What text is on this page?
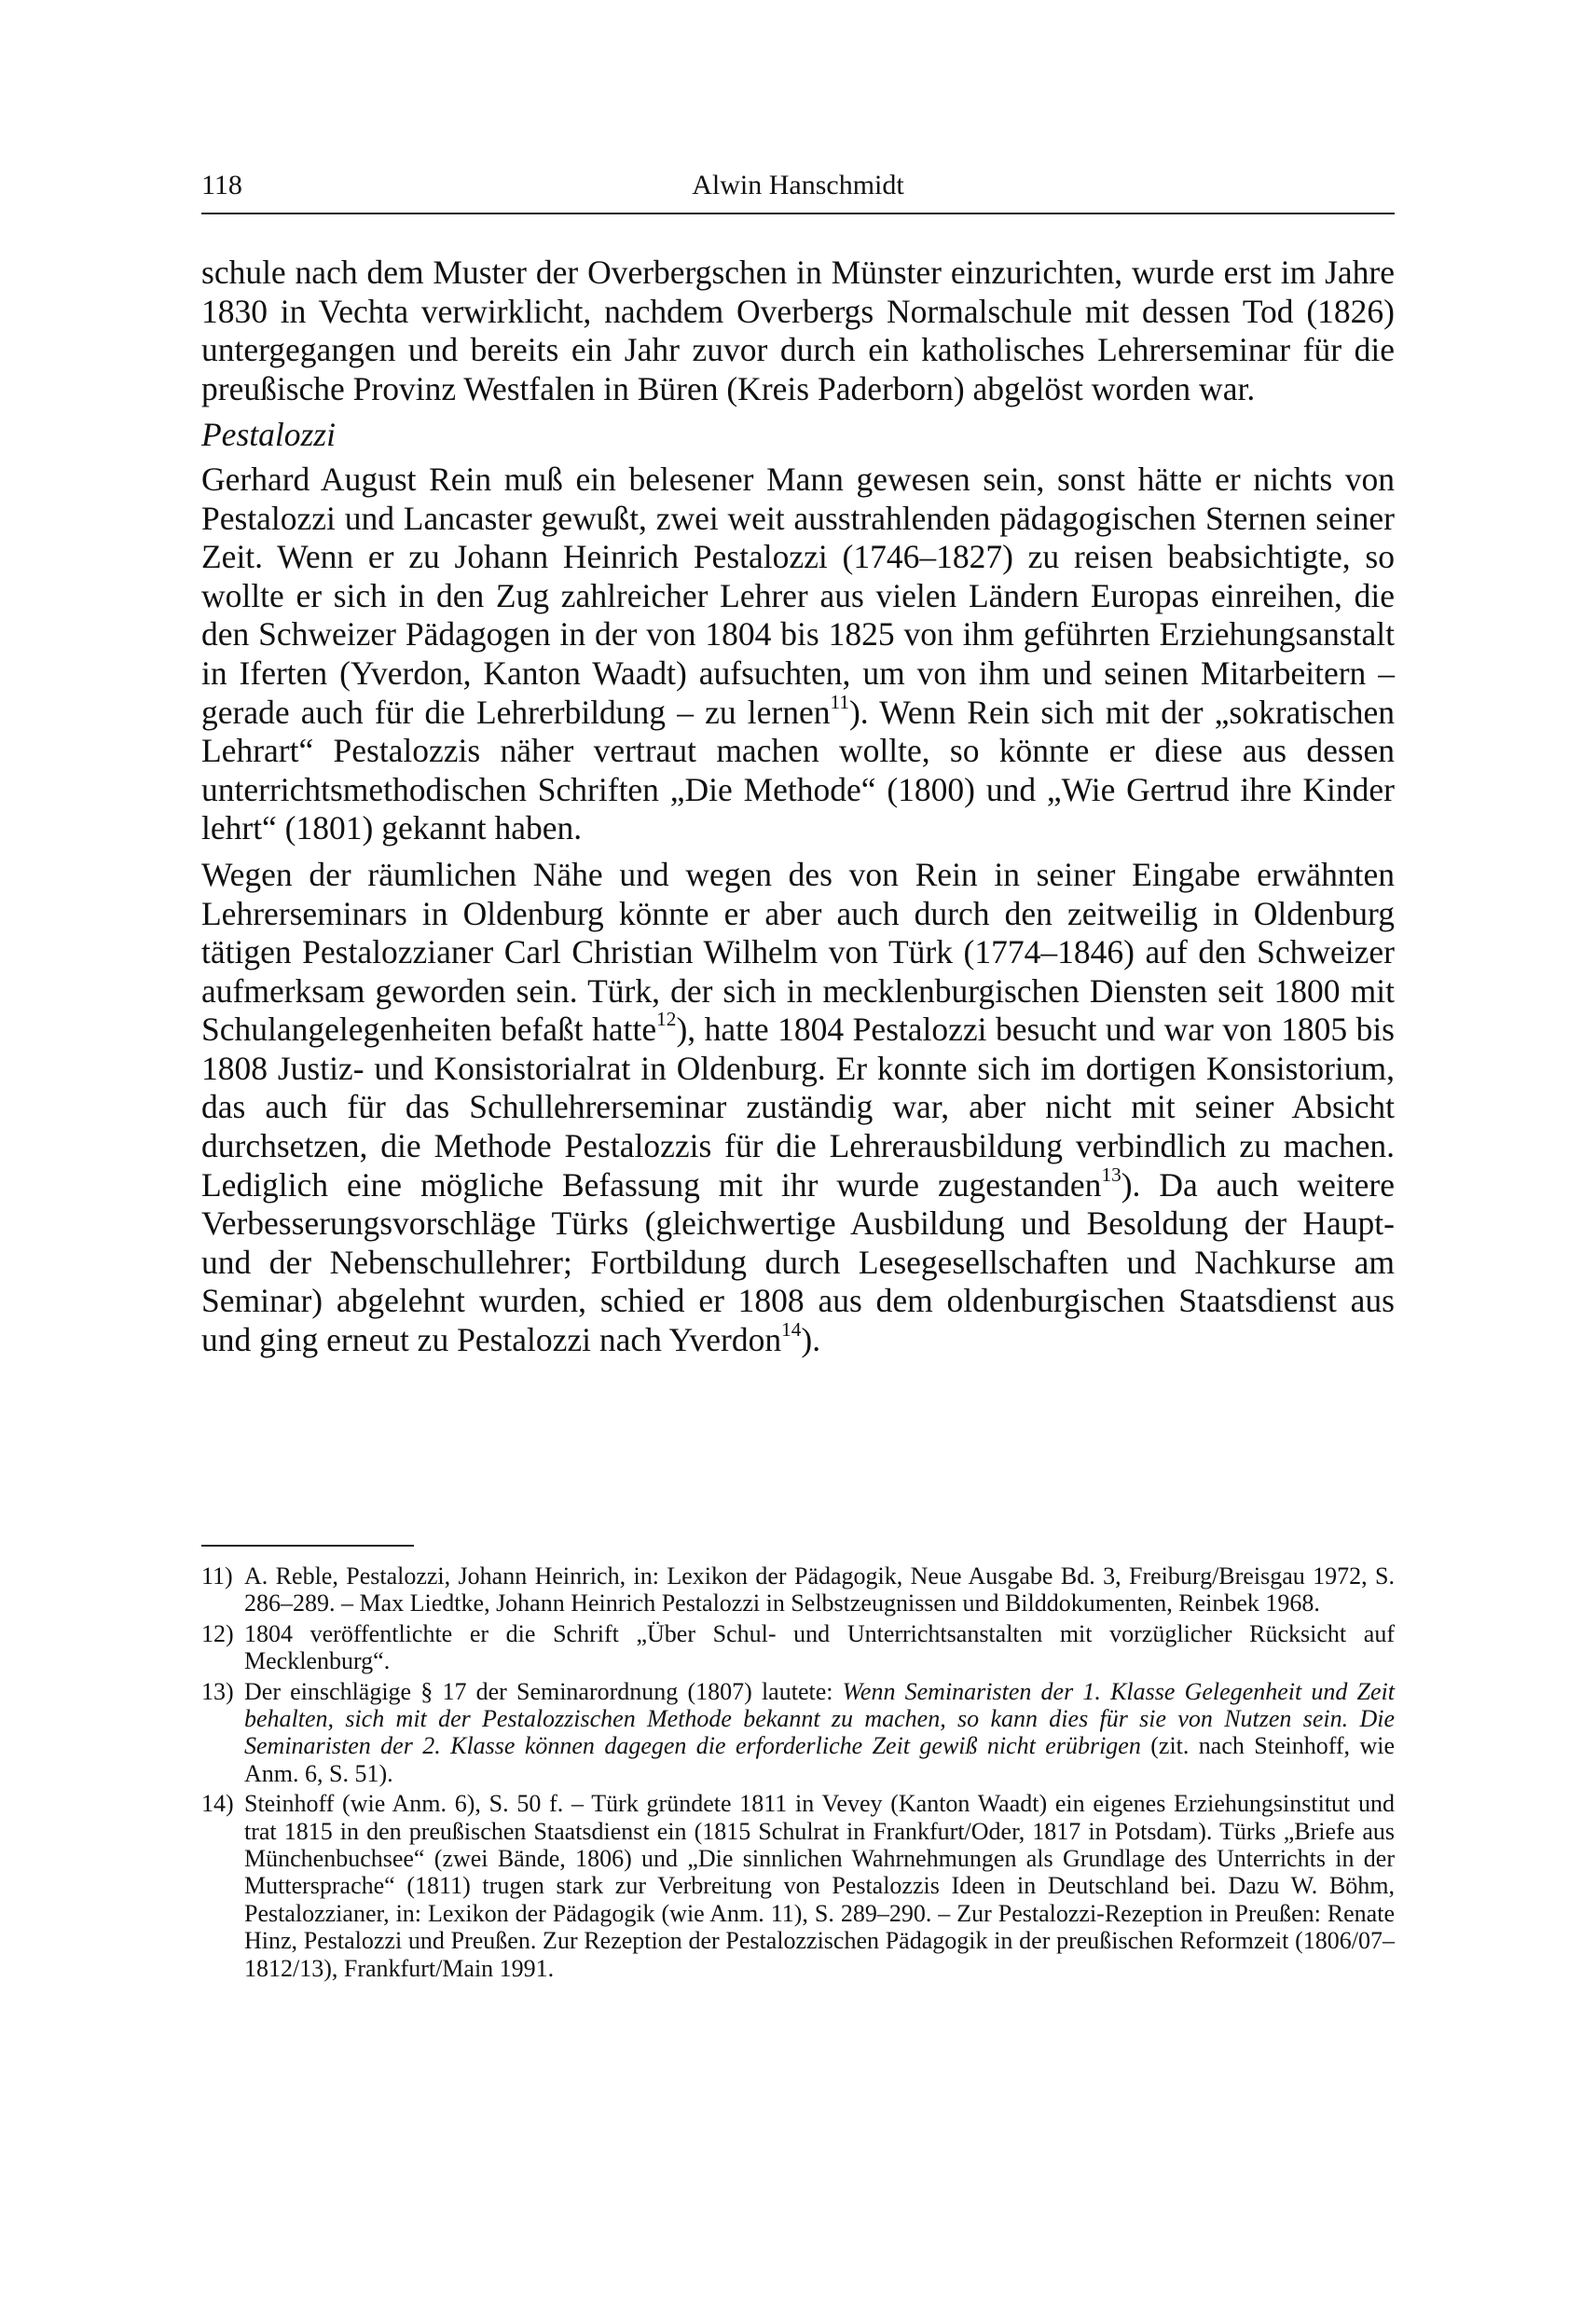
118	Alwin Hanschmidt

schule nach dem Muster der Overbergschen in Münster einzurichten, wurde erst im Jahre 1830 in Vechta verwirklicht, nachdem Overbergs Normalschule mit dessen Tod (1826) untergegangen und bereits ein Jahr zuvor durch ein katholisches Lehrerseminar für die preußische Provinz Westfalen in Büren (Kreis Paderborn) abgelöst worden war.

Pestalozzi

Gerhard August Rein muß ein belesener Mann gewesen sein, sonst hätte er nichts von Pestalozzi und Lancaster gewußt, zwei weit ausstrahlenden pädagogischen Sternen seiner Zeit. Wenn er zu Johann Heinrich Pestalozzi (1746–1827) zu reisen beabsichtigte, so wollte er sich in den Zug zahlreicher Lehrer aus vielen Ländern Europas einreihen, die den Schweizer Pädagogen in der von 1804 bis 1825 von ihm geführten Erziehungsanstalt in Iferten (Yverdon, Kanton Waadt) aufsuchten, um von ihm und seinen Mitarbeitern – gerade auch für die Lehrerbildung – zu lernen$^{11}$). Wenn Rein sich mit der „sokratischen Lehrart“ Pestalozzis näher vertraut machen wollte, so könnte er diese aus dessen unterrichtsmethodischen Schriften „Die Methode“ (1800) und „Wie Gertrud ihre Kinder lehrt“ (1801) gekannt haben.

Wegen der räumlichen Nähe und wegen des von Rein in seiner Eingabe erwähnten Lehrerseminars in Oldenburg könnte er aber auch durch den zeitweilig in Oldenburg tätigen Pestalozzianer Carl Christian Wilhelm von Türk (1774–1846) auf den Schweizer aufmerksam geworden sein. Türk, der sich in mecklenburgischen Diensten seit 1800 mit Schulangelegenheiten befaßt hatte$^{12}$), hatte 1804 Pestalozzi besucht und war von 1805 bis 1808 Justiz- und Konsistorialrat in Oldenburg. Er konnte sich im dortigen Konsistorium, das auch für das Schullehrerseminar zuständig war, aber nicht mit seiner Absicht durchsetzen, die Methode Pestalozzis für die Lehrerausbildung verbindlich zu machen. Lediglich eine mögliche Befassung mit ihr wurde zugestanden$^{13}$). Da auch weitere Verbesserungsvorschläge Türks (gleichwertige Ausbildung und Besoldung der Haupt- und der Nebenschullehrer; Fortbildung durch Lesegesellschaften und Nachkurse am Seminar) abgelehnt wurden, schied er 1808 aus dem oldenburgischen Staatsdienst aus und ging erneut zu Pestalozzi nach Yverdon$^{14}$).

11) A. Reble, Pestalozzi, Johann Heinrich, in: Lexikon der Pädagogik, Neue Ausgabe Bd. 3, Freiburg/Breisgau 1972, S. 286–289. – Max Liedtke, Johann Heinrich Pestalozzi in Selbstzeugnissen und Bilddokumenten, Reinbek 1968.
12) 1804 veröffentlichte er die Schrift „Über Schul- und Unterrichtsanstalten mit vorzüglicher Rücksicht auf Mecklenburg“.
13) Der einschlägige § 17 der Seminarordnung (1807) lautete: Wenn Seminaristen der 1. Klasse Gelegenheit und Zeit behalten, sich mit der Pestalozzischen Methode bekannt zu machen, so kann dies für sie von Nutzen sein. Die Seminaristen der 2. Klasse können dagegen die erforderliche Zeit gewiß nicht erübrigen (zit. nach Steinhoff, wie Anm. 6, S. 51).
14) Steinhoff (wie Anm. 6), S. 50 f. – Türk gründete 1811 in Vevey (Kanton Waadt) ein eigenes Erziehungsinstitut und trat 1815 in den preußischen Staatsdienst ein (1815 Schulrat in Frankfurt/Oder, 1817 in Potsdam). Türks „Briefe aus Münchenbuchsee“ (zwei Bände, 1806) und „Die sinnlichen Wahrnehmungen als Grundlage des Unterrichts in der Muttersprache“ (1811) trugen stark zur Verbreitung von Pestalozzis Ideen in Deutschland bei. Dazu W. Böhm, Pestalozzianer, in: Lexikon der Pädagogik (wie Anm. 11), S. 289–290. – Zur Pestalozzi-Rezeption in Preußen: Renate Hinz, Pestalozzi und Preußen. Zur Rezeption der Pestalozzischen Pädagogik in der preußischen Reformzeit (1806/07–1812/13), Frankfurt/Main 1991.
